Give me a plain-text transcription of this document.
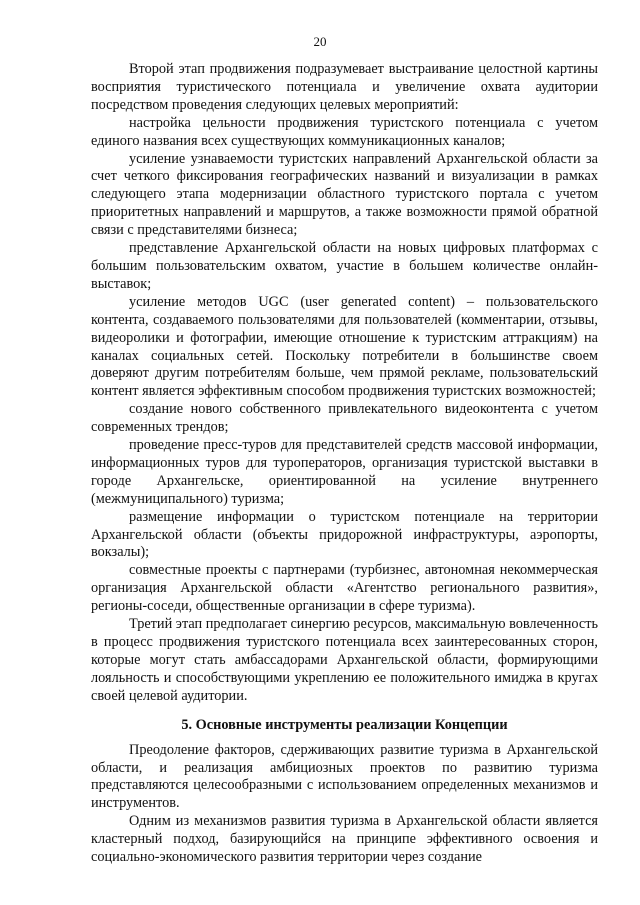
20

Второй этап продвижения подразумевает выстраивание целостной картины восприятия туристического потенциала и увеличение охвата аудитории посредством проведения следующих целевых мероприятий:

настройка цельности продвижения туристского потенциала с учетом единого названия всех существующих коммуникационных каналов;

усиление узнаваемости туристских направлений Архангельской области за счет четкого фиксирования географических названий и визуализации в рамках следующего этапа модернизации областного туристского портала с учетом приоритетных направлений и маршрутов, а также возможности прямой обратной связи с представителями бизнеса;

представление Архангельской области на новых цифровых платформах с большим пользовательским охватом, участие в большем количестве онлайн-выставок;

усиление методов UGC (user generated content) – пользовательского контента, создаваемого пользователями для пользователей (комментарии, отзывы, видеоролики и фотографии, имеющие отношение к туристским аттракциям) на каналах социальных сетей. Поскольку потребители в большинстве своем доверяют другим потребителям больше, чем прямой рекламе, пользовательский контент является эффективным способом продвижения туристских возможностей;

создание нового собственного привлекательного видеоконтента с учетом современных трендов;

проведение пресс-туров для представителей средств массовой информации, информационных туров для туроператоров, организация туристской выставки в городе Архангельске, ориентированной на усиление внутреннего (межмуниципального) туризма;

размещение информации о туристском потенциале на территории Архангельской области (объекты придорожной инфраструктуры, аэропорты, вокзалы);

совместные проекты с партнерами (турбизнес, автономная некоммерческая организация Архангельской области «Агентство регионального развития», регионы-соседи, общественные организации в сфере туризма).

Третий этап предполагает синергию ресурсов, максимальную вовлеченность в процесс продвижения туристского потенциала всех заинтересованных сторон, которые могут стать амбассадорами Архангельской области, формирующими лояльность и способствующими укреплению ее положительного имиджа в кругах своей целевой аудитории.

5. Основные инструменты реализации Концепции

Преодоление факторов, сдерживающих развитие туризма в Архангельской области, и реализация амбициозных проектов по развитию туризма представляются целесообразными с использованием определенных механизмов и инструментов.

Одним из механизмов развития туризма в Архангельской области является кластерный подход, базирующийся на принципе эффективного освоения и социально-экономического развития территории через создание
